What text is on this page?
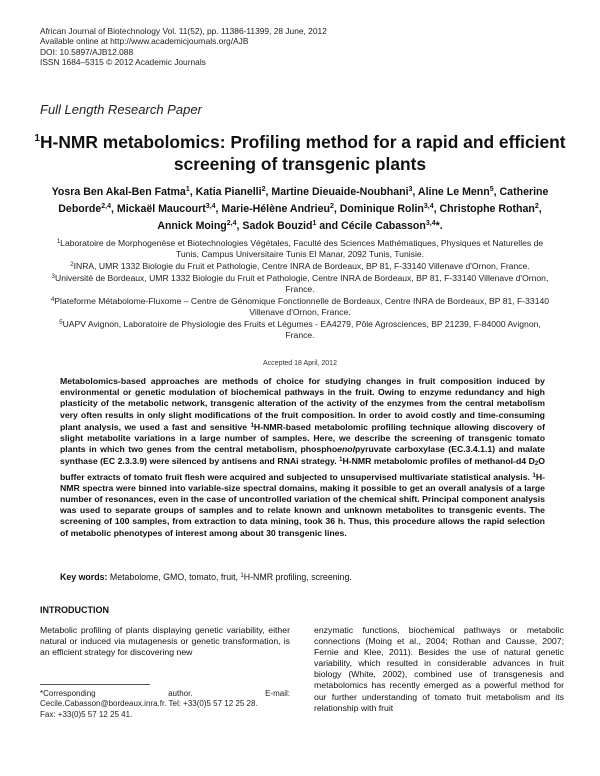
African Journal of Biotechnology Vol. 11(52), pp. 11386-11399, 28 June, 2012
Available online at http://www.academicjournals.org/AJB
DOI: 10.5897/AJB12.088
ISSN 1684–5315 © 2012 Academic Journals
Full Length Research Paper
$^1$H-NMR metabolomics: Profiling method for a rapid and efficient screening of transgenic plants
Yosra Ben Akal-Ben Fatma$^1$, Katia Pianelli$^2$, Martine Dieuaide-Noubhani$^3$, Aline Le Menn$^5$, Catherine Deborde$^{2,4}$, Mickaël Maucourt$^{3,4}$, Marie-Hélène Andrieu$^2$, Dominique Rolin$^{3,4}$, Christophe Rothan$^2$, Annick Moing$^{2,4}$, Sadok Bouzid$^1$ and Cécile Cabasson$^{3,4}$*.

$^1$Laboratoire de Morphogenèse et Biotechnologies Végétales, Faculté des Sciences Mathématiques, Physiques et Naturelles de Tunis, Campus Universitaire Tunis El Manar, 2092 Tunis, Tunisie.

$^2$INRA, UMR 1332 Biologie du Fruit et Pathologie, Centre INRA de Bordeaux, BP 81, F-33140 Villenave d'Ornon, France.

$^3$Université de Bordeaux, UMR 1332 Biologie du Fruit et Pathologie, Centre INRA de Bordeaux, BP 81, F-33140 Villenave d'Ornon, France.

$^4$Plateforme Métabolome-Fluxome – Centre de Génomique Fonctionnelle de Bordeaux, Centre INRA de Bordeaux, BP 81, F-33140 Villenave d'Ornon, France.

$^5$UAPV Avignon, Laboratoire de Physiologie des Fruits et Légumes - EA4279, Pôle Agrosciences, BP 21239, F-84000 Avignon, France.

Accepted 18 April, 2012
Metabolomics-based approaches are methods of choice for studying changes in fruit composition induced by environmental or genetic modulation of biochemical pathways in the fruit. Owing to enzyme redundancy and high plasticity of the metabolic network, transgenic alteration of the activity of the enzymes from the central metabolism very often results in only slight modifications of the fruit composition. In order to avoid costly and time-consuming plant analysis, we used a fast and sensitive $^1$H-NMR-based metabolomic profiling technique allowing discovery of slight metabolite variations in a large number of samples. Here, we describe the screening of transgenic tomato plants in which two genes from the central metabolism, phosphoenolpyruvate carboxylase (EC.3.4.1.1) and malate synthase (EC 2.3.3.9) were silenced by antisens and RNAi strategy. $^1$H-NMR metabolomic profiles of methanol-d4 $D_2O$ buffer extracts of tomato fruit flesh were acquired and subjected to unsupervised multivariate statistical analysis. $^1$H-NMR spectra were binned into variable-size spectral domains, making it possible to get an overall analysis of a large number of resonances, even in the case of uncontrolled variation of the chemical shift. Principal component analysis was used to separate groups of samples and to relate known and unknown metabolites to transgenic events. The screening of 100 samples, from extraction to data mining, took 36 h. Thus, this procedure allows the rapid selection of metabolic phenotypes of interest among about 30 transgenic lines.
Key words: Metabolome, GMO, tomato, fruit, $^1$H-NMR profiling, screening.
INTRODUCTION
Metabolic profiling of plants displaying genetic variability, either natural or induced via mutagenesis or genetic transformation, is an efficient strategy for discovering new
enzymatic functions, biochemical pathways or metabolic connections (Moing et al., 2004; Rothan and Causse, 2007; Fernie and Klee, 2011). Besides the use of natural genetic variability, which resulted in considerable advances in fruit biology (White, 2002), combined use of transgenesis and metabolomics has recently emerged as a powerful method for our further understanding of tomato fruit metabolism and its relationship with fruit
*Corresponding	author.	E-mail:
Cecile.Cabasson@bordeaux.inra.fr. Tel: +33(0)5 57 12 25 28.
Fax: +33(0)5 57 12 25 41.
